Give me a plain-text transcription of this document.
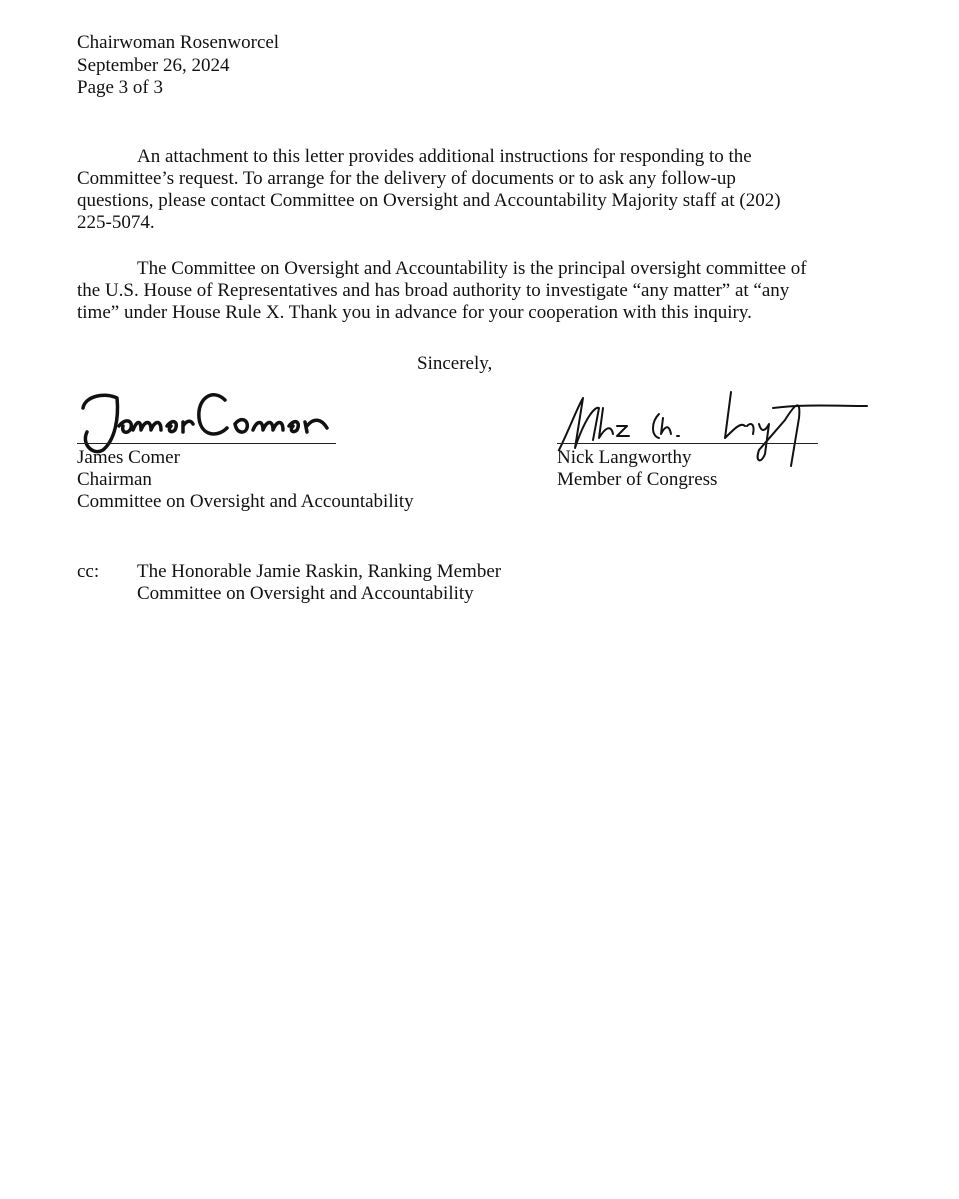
Chairwoman Rosenworcel
September 26, 2024
Page 3 of 3
An attachment to this letter provides additional instructions for responding to the
Committee’s request. To arrange for the delivery of documents or to ask any follow-up
questions, please contact Committee on Oversight and Accountability Majority staff at (202)
225-5074.
The Committee on Oversight and Accountability is the principal oversight committee of
the U.S. House of Representatives and has broad authority to investigate “any matter” at “any
time” under House Rule X. Thank you in advance for your cooperation with this inquiry.
Sincerely,
James Comer
Chairman
Committee on Oversight and Accountability
Nick Langworthy
Member of Congress
cc: The Honorable Jamie Raskin, Ranking Member
Committee on Oversight and Accountability
